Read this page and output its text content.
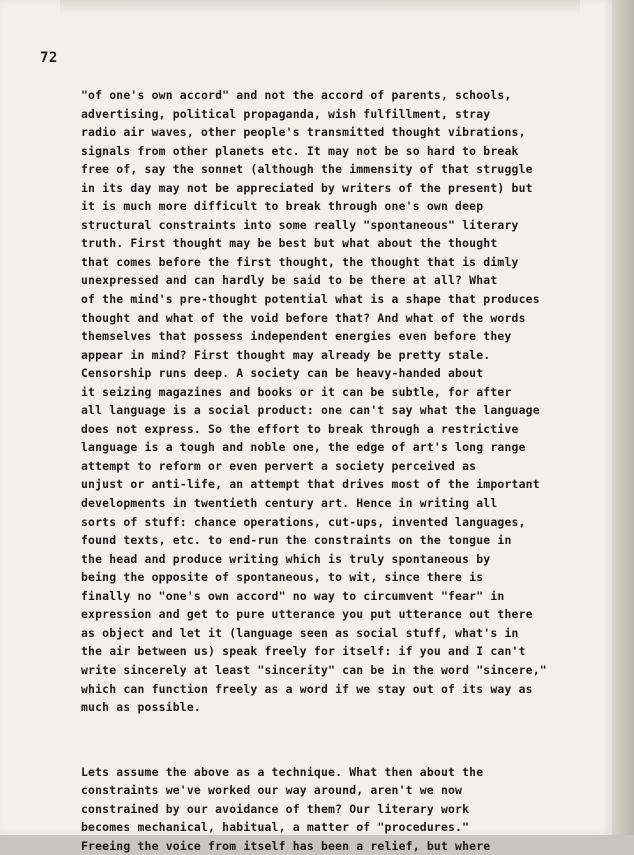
72
"of one's own accord" and not the accord of parents, schools,
advertising, political propaganda, wish fulfillment, stray
radio air waves, other people's transmitted thought vibrations,
signals from other planets etc. It may not be so hard to break
free of, say the sonnet (although the immensity of that struggle
in its day may not be appreciated by writers of the present) but
it is much more difficult to break through one's own deep
structural constraints into some really "spontaneous" literary
truth. First thought may be best but what about the thought
that comes before the first thought, the thought that is dimly
unexpressed and can hardly be said to be there at all? What
of the mind's pre-thought potential what is a shape that produces
thought and what of the void before that? And what of the words
themselves that possess independent energies even before they
appear in mind? First thought may already be pretty stale.
Censorship runs deep. A society can be heavy-handed about
it seizing magazines and books or it can be subtle, for after
all language is a social product: one can't say what the language
does not express. So the effort to break through a restrictive
language is a tough and noble one, the edge of art's long range
attempt to reform or even pervert a society perceived as
unjust or anti-life, an attempt that drives most of the important
developments in twentieth century art. Hence in writing all
sorts of stuff: chance operations, cut-ups, invented languages,
found texts, etc. to end-run the constraints on the tongue in
the head and produce writing which is truly spontaneous by
being the opposite of spontaneous, to wit, since there is
finally no "one's own accord" no way to circumvent "fear" in
expression and get to pure utterance you put utterance out there
as object and let it (language seen as social stuff, what's in
the air between us) speak freely for itself: if you and I can't
write sincerely at least "sincerity" can be in the word "sincere,"
which can function freely as a word if we stay out of its way as
much as possible.
Lets assume the above as a technique. What then about the
constraints we've worked our way around, aren't we now
constrained by our avoidance of them? Our literary work
becomes mechanical, habitual, a matter of "procedures."
Freeing the voice from itself has been a relief, but where
